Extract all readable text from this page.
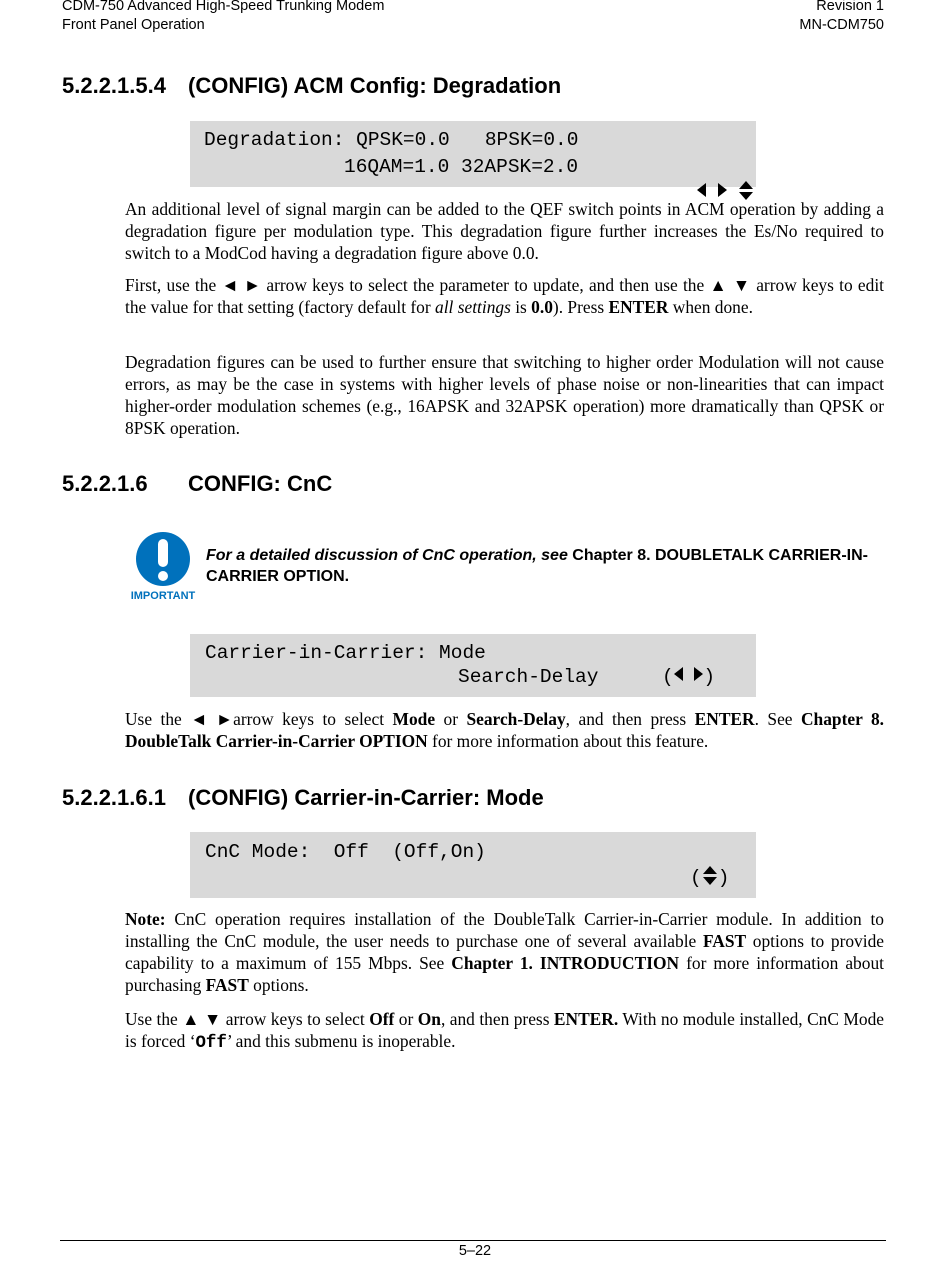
CDM-750 Advanced High-Speed Trunking Modem
Front Panel Operation
Revision 1
MN-CDM750
5.2.2.1.5.4 (CONFIG) ACM Config: Degradation

Degradation: QPSK=0.0   8PSK=0.0

16QAM=1.0 32APSK=2.0

An additional level of signal margin can be added to the QEF switch points in ACM operation by adding a degradation figure per modulation type. This degradation figure further increases the Es/No required to switch to a ModCod having a degradation figure above 0.0.

First, use the ◄ ► arrow keys to select the parameter to update, and then use the ▲ ▼ arrow keys to edit the value for that setting (factory default for all settings is 0.0). Press ENTER when done.

Degradation figures can be used to further ensure that switching to higher order Modulation will not cause errors, as may be the case in systems with higher levels of phase noise or non-linearities that can impact higher-order modulation schemes (e.g., 16APSK and 32APSK operation) more dramatically than QPSK or 8PSK operation.

5.2.2.1.6 CONFIG: CnC
IMPORTANT
For a detailed discussion of CnC operation, see Chapter 8. DOUBLETALK CARRIER-IN-CARRIER OPTION.

Carrier-in-Carrier: Mode

Search-Delay

	( )

Use the ◄ ►arrow keys to select Mode or Search-Delay, and then press ENTER. See Chapter 8. DoubleTalk Carrier-in-Carrier OPTION for more information about this feature.

5.2.2.1.6.1 (CONFIG) Carrier-in-Carrier: Mode

CnC Mode:  Off  (Off,On)

( )

Note: CnC operation requires installation of the DoubleTalk Carrier-in-Carrier module. In addition to installing the CnC module, the user needs to purchase one of several available FAST options to provide capability to a maximum of 155 Mbps. See Chapter 1. INTRODUCTION for more information about purchasing FAST options.

Use the ▲ ▼ arrow keys to select Off or On, and then press ENTER. With no module installed, CnC Mode is forced ‘Off’ and this submenu is inoperable.

5–22
